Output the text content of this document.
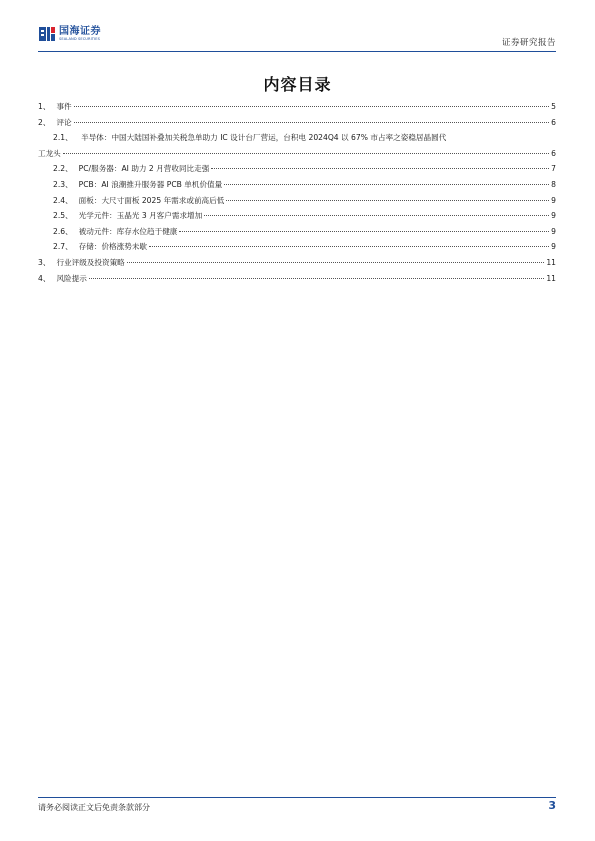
国海证券
SEALAND SECURITIES	证券研究报告
内容目录
1、 事件	5
2、 评论	6
2.1、 半导体：中国大陆国补叠加关税急单助力 IC 设计台厂营运，台积电 2024Q4 以 67% 市占率之姿稳居晶圆代
工龙头	6
2.2、 PC/服务器：AI 助力 2 月营收同比走强	7
2.3、 PCB：AI 浪潮推升服务器 PCB 单机价值量	8
2.4、 面板：大尺寸面板 2025 年需求或前高后低	9
2.5、 光学元件：玉晶光 3 月客户需求增加	9
2.6、 被动元件：库存水位趋于健康	9
2.7、 存储：价格涨势未歇	9
3、 行业评级及投资策略	11
4、 风险提示	11
请务必阅读正文后免责条款部分	3
